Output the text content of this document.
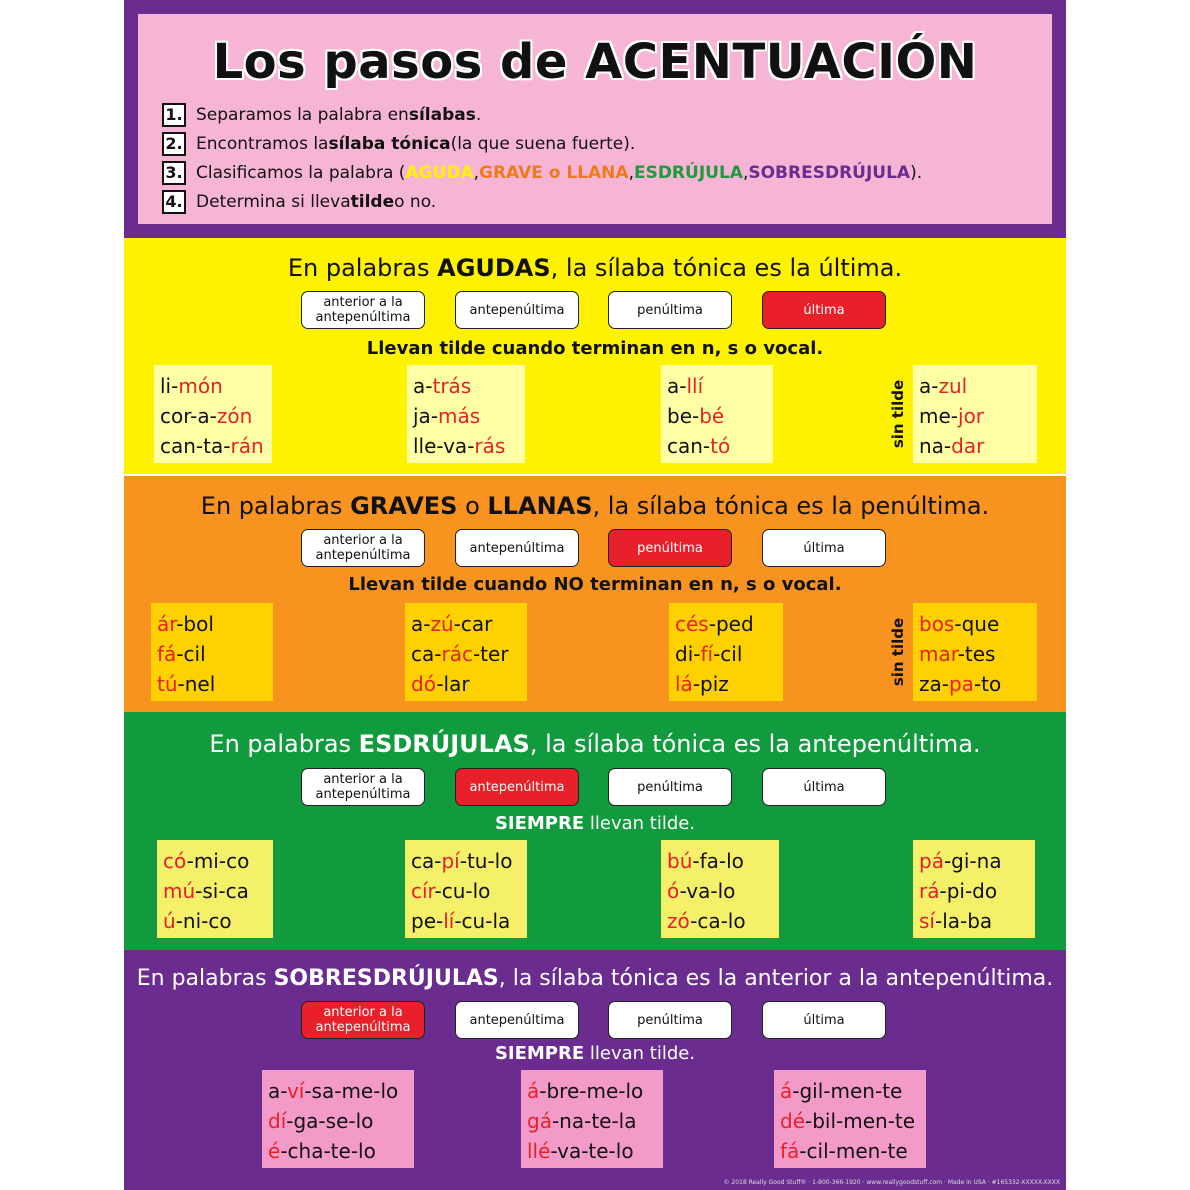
Los pasos de ACENTUACIÓN
1. Separamos la palabra en sílabas .
2. Encontramos la sílaba tónica (la que suena fuerte).
3. Clasificamos la palabra ( AGUDA , GRAVE o LLANA , ESDRÚJULA , SOBRESDRÚJULA ).
4. Determina si lleva tilde o no.
En palabras AGUDAS, la sílaba tónica es la última.
anterior a la antepenúltima	antepenúltima	penúltima	última
Llevan tilde cuando terminan en n, s o vocal.
li-món
cor-a-zón
can-ta-rán
a-trás
ja-más
lle-va-rás
a-llí
be-bé
can-tó	sin tilde a-zul
me-jor
na-dar
En palabras GRAVES o LLANAS, la sílaba tónica es la penúltima.
anterior a la antepenúltima	antepenúltima	penúltima	última
Llevan tilde cuando NO terminan en n, s o vocal.
ár-bol
fá-cil
tú-nel
a-zú-car
ca-rác-ter
dó-lar
cés-ped
di-fí-cil
lá-piz	sin tilde bos-que
mar-tes
za-pa-to
En palabras ESDRÚJULAS, la sílaba tónica es la antepenúltima.
anterior a la antepenúltima	antepenúltima	penúltima	última
SIEMPRE llevan tilde.
có-mi-co
mú-si-ca
ú-ni-co
ca-pí-tu-lo
cír-cu-lo
pe-lí-cu-la
bú-fa-lo
ó-va-lo
zó-ca-lo
pá-gi-na
rá-pi-do
sí-la-ba
En palabras SOBRESDRÚJULAS, la sílaba tónica es la anterior a la antepenúltima.
anterior a la antepenúltima	antepenúltima	penúltima	última
SIEMPRE llevan tilde.
a-ví-sa-me-lo
dí-ga-se-lo
é-cha-te-lo
á-bre-me-lo
gá-na-te-la
llé-va-te-lo
á-gil-men-te
dé-bil-men-te
fá-cil-men-te
© 2018 Really Good Stuff® · 1-800-366-1920 · www.reallygoodstuff.com · Made in USA · #165332-XXXXX-XXXX
